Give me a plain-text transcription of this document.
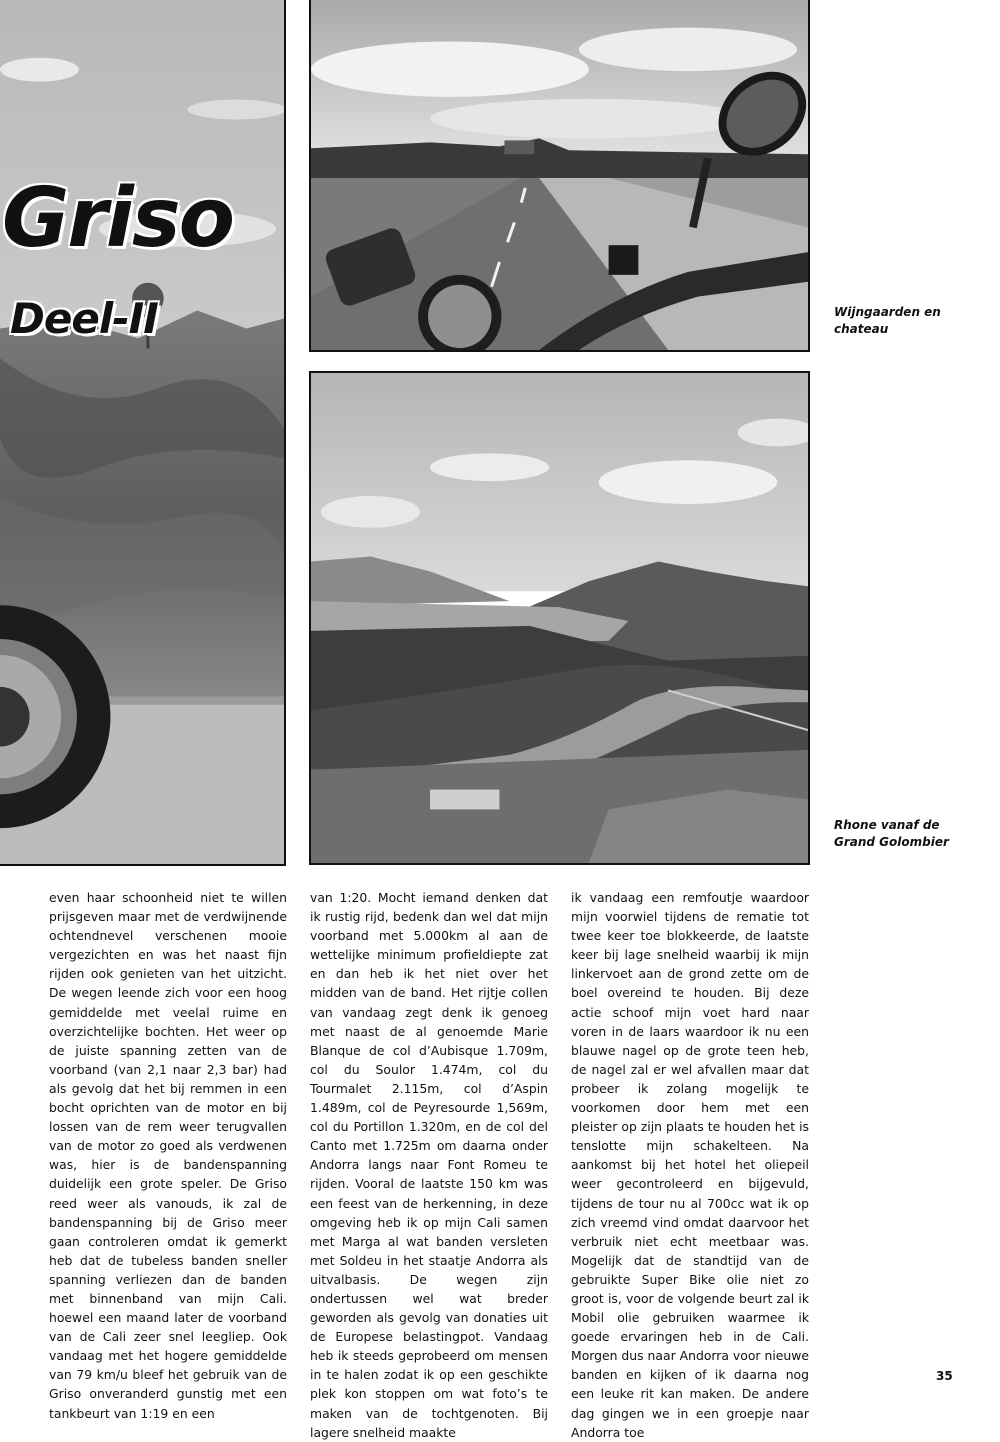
Griso
Deel-II	Wijngaarden en chateau
Rhone vanaf de Grand Golombier
even haar schoonheid niet te willen prijsgeven maar met de verdwijnende ochtendnevel verschenen mooie vergezichten en was het naast fijn rijden ook genieten van het uitzicht. De wegen leende zich voor een hoog gemiddelde met veelal ruime en overzichtelijke bochten. Het weer op de juiste spanning zetten van de voorband (van 2,1 naar 2,3 bar) had als gevolg dat het bij remmen in een bocht oprichten van de motor en bij lossen van de rem weer terugvallen van de motor zo goed als verdwenen was, hier is de bandenspanning duidelijk een grote speler. De Griso reed weer als vanouds, ik zal de bandenspanning bij de Griso meer gaan controleren omdat ik gemerkt heb dat de tubeless banden sneller spanning verliezen dan de banden met binnenband van mijn Cali. hoewel een maand later de voorband van de Cali zeer snel leegliep. Ook vandaag met het hogere gemiddelde van 79 km/u bleef het gebruik van de Griso onveranderd gunstig met een tankbeurt van 1:19 en een
van 1:20. Mocht iemand denken dat ik rustig rijd, bedenk dan wel dat mijn voorband met 5.000km al aan de wettelijke minimum profieldiepte zat en dan heb ik het niet over het midden van de band. Het rijtje collen van vandaag zegt denk ik genoeg met naast de al genoemde Marie Blanque de col d’Aubisque 1.709m, col du Soulor 1.474m, col du Tourmalet 2.115m, col d’Aspin 1.489m, col de Peyresourde 1,569m, col du Portillon 1.320m, en de col del Canto met 1.725m om daarna onder Andorra langs naar Font Romeu te rijden. Vooral de laatste 150 km was een feest van de herkenning, in deze omgeving heb ik op mijn Cali samen met Marga al wat banden versleten met Soldeu in het staatje Andorra als uitvalbasis. De wegen zijn ondertussen wel wat breder geworden als gevolg van donaties uit de Europese belastingpot. Vandaag heb ik steeds geprobeerd om mensen in te halen zodat ik op een geschikte plek kon stoppen om wat foto’s te maken van de tochtgenoten. Bij lagere snelheid maakte
ik vandaag een remfoutje waardoor mijn voorwiel tijdens de rematie tot twee keer toe blokkeerde, de laatste keer bij lage snelheid waarbij ik mijn linkervoet aan de grond zette om de boel overeind te houden. Bij deze actie schoof mijn voet hard naar voren in de laars waardoor ik nu een blauwe nagel op de grote teen heb, de nagel zal er wel afvallen maar dat probeer ik zolang mogelijk te voorkomen door hem met een pleister op zijn plaats te houden het is tenslotte mijn schakelteen. Na aankomst bij het hotel het oliepeil weer gecontroleerd en bijgevuld, tijdens de tour nu al 700cc wat ik op zich vreemd vind omdat daarvoor het verbruik niet echt meetbaar was. Mogelijk dat de standtijd van de gebruikte Super Bike olie niet zo groot is, voor de volgende beurt zal ik Mobil olie gebruiken waarmee ik goede ervaringen heb in de Cali. Morgen dus naar Andorra voor nieuwe banden en kijken of ik daarna nog een leuke rit kan maken. De andere dag gingen we in een groepje naar Andorra toe
35
